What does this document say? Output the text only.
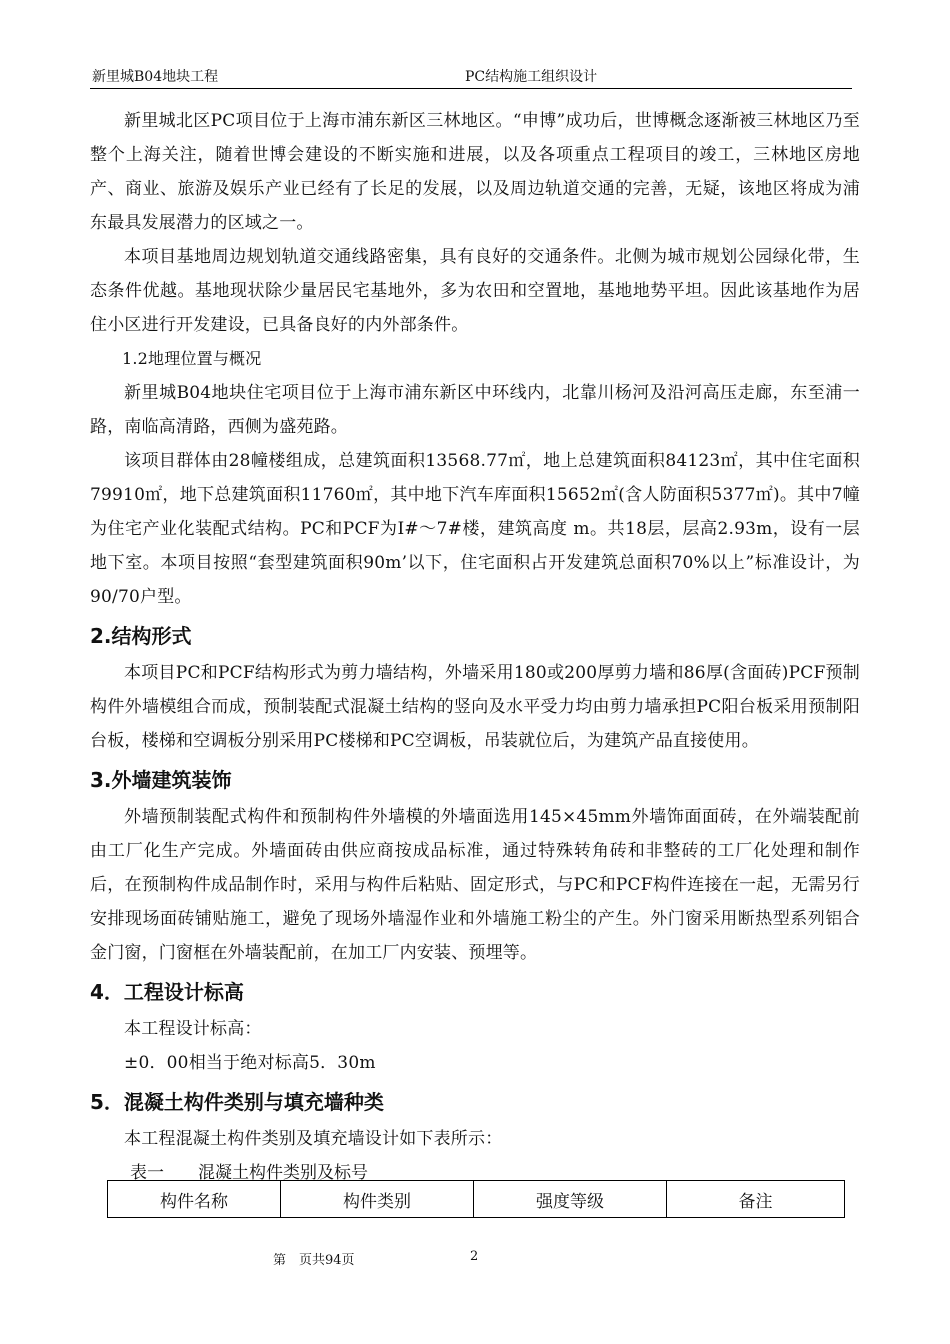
新里城B04地块工程	PC结构施工组织设计

新里城北区PC项目位于上海市浦东新区三林地区。“申博”成功后，世博概念逐渐被三林地区乃至整个上海关注，随着世博会建设的不断实施和进展，以及各项重点工程项目的竣工，三林地区房地产、商业、旅游及娱乐产业已经有了长足的发展，以及周边轨道交通的完善，无疑，该地区将成为浦东最具发展潜力的区域之一。

本项目基地周边规划轨道交通线路密集，具有良好的交通条件。北侧为城市规划公园绿化带，生态条件优越。基地现状除少量居民宅基地外，多为农田和空置地，基地地势平坦。因此该基地作为居住小区进行开发建设，已具备良好的内外部条件。

1.2地理位置与概况

新里城B04地块住宅项目位于上海市浦东新区中环线内，北靠川杨河及沿河高压走廊，东至浦一路，南临高清路，西侧为盛苑路。

该项目群体由28幢楼组成，总建筑面积13568.77㎡，地上总建筑面积84123㎡，其中住宅面积79910㎡，地下总建筑面积11760㎡，其中地下汽车库面积15652㎡(含人防面积5377㎡)。其中7幢为住宅产业化装配式结构。PC和PCF为I#～7#楼，建筑高度 m。共18层，层高2.93m，设有一层地下室。本项目按照“套型建筑面积90m’以下，住宅面积占开发建筑总面积70%以上”标准设计，为90/70户型。

2.结构形式

本项目PC和PCF结构形式为剪力墙结构，外墙采用180或200厚剪力墙和86厚(含面砖)PCF预制构件外墙模组合而成，预制装配式混凝土结构的竖向及水平受力均由剪力墙承担PC阳台板采用预制阳台板，楼梯和空调板分别采用PC楼梯和PC空调板，吊装就位后，为建筑产品直接使用。

3.外墙建筑装饰

外墙预制装配式构件和预制构件外墙模的外墙面选用145×45mm外墙饰面面砖，在外端装配前由工厂化生产完成。外墙面砖由供应商按成品标准，通过特殊转角砖和非整砖的工厂化处理和制作后，在预制构件成品制作时，采用与构件后粘贴、固定形式，与PC和PCF构件连接在一起，无需另行安排现场面砖铺贴施工，避免了现场外墙湿作业和外墙施工粉尘的产生。外门窗采用断热型系列铝合金门窗，门窗框在外墙装配前，在加工厂内安装、预埋等。

4．工程设计标高

本工程设计标高：

±0．00相当于绝对标高5．30m

5．混凝土构件类别与填充墙种类

本工程混凝土构件类别及填充墙设计如下表所示：

表一 混凝土构件类别及标号

构件名称	构件类别	强度等级	备注
第　页共94页	2
